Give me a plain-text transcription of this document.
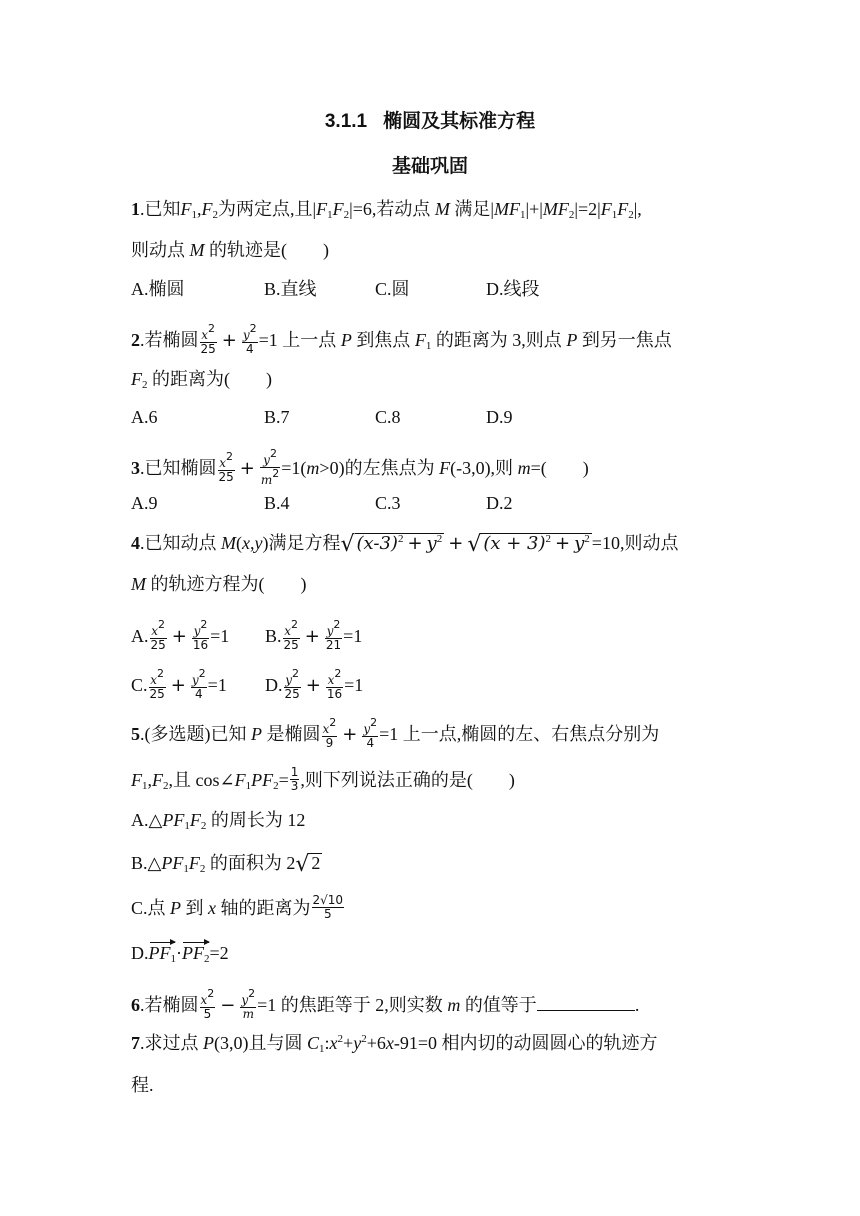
3.1.1 椭圆及其标准方程
基础巩固
1.已知$F_1,F_2$为两定点,且$|F_1F_2|=6$,若动点 M 满足$|MF_1|+|MF_2|=2|F_1F_2|$,
则动点 M 的轨迹是(　　)
A.椭圆	B.直线	C.圆	D.线段
2.若椭圆 $\frac{x^2}{25} + \frac{y^2}{4} =1$ 上一点 P 到焦点 $F_1$ 的距离为 3,则点 P 到另一焦点
$F_2$ 的距离为(　　)
A.6	B.7	C.8	D.9
3.已知椭圆 $\frac{x^2}{25} + \frac{y^2}{m^2} =1(m>0)$的左焦点为 F(-3,0),则 m=(　　)
A.9	B.4	C.3	D.2
4.已知动点 M(x,y)满足方程√ $(x-3)^2 + y^2$ + √ $(x + 3)^2 + y^2 =10$,则动点
M 的轨迹方程为(　　)
A. $\frac{x^2}{25} + \frac{y^2}{16} =1$ B. $\frac{x^2}{25} + \frac{y^2}{21} =1$
C. $\frac{x^2}{25} + \frac{y^2}{4} =1$ D. $\frac{y^2}{25} + \frac{x^2}{16} =1$
5.(多选题)已知 P 是椭圆 $\frac{x^2}{9} + \frac{y^2}{4} =1$ 上一点,椭圆的左、右焦点分别为
$F_1,F_2$,且 $\cos\angle F_1PF_2= \frac{1}{3}$ ,则下列说法正确的是(　　)
$A.\triangle PF_1F_2$ 的周长为 12
$B.\triangle PF_1F_2$ 的面积为 2√ 2
C.点 P 到 x 轴的距离为 $\frac{2√10}{5}$
$D.PF_1\cdot PF_2=2$
6.若椭圆 $\frac{x^2}{5} - \frac{y^2}{m} =1$ 的焦距等于 2,则实数 m 的值等于	.
7.求过点 P(3,0)且与圆 $C_1:x^2+y^2+6x-91=0$ 相内切的动圆圆心的轨迹方
程.
